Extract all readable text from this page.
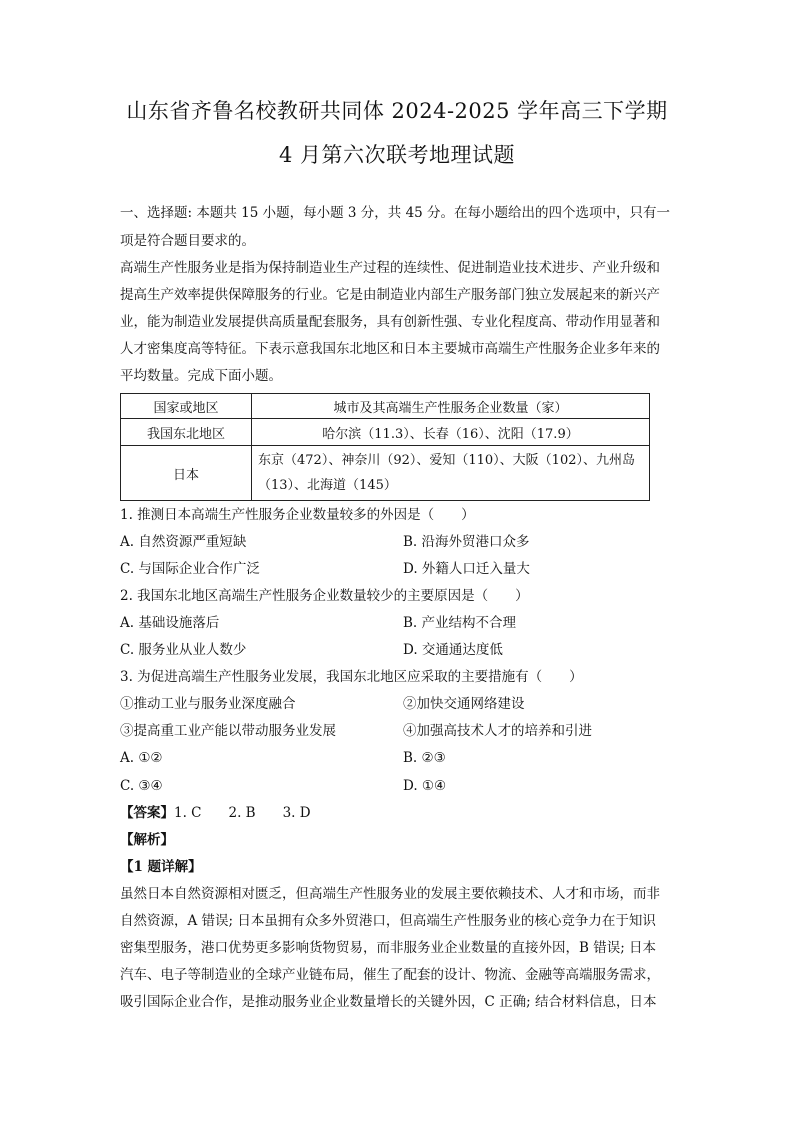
山东省齐鲁名校教研共同体 2024-2025 学年高三下学期
4 月第六次联考地理试题
一、选择题: 本题共 15 小题，每小题 3 分，共 45 分。在每小题给出的四个选项中，只有一
项是符合题目要求的。
高端生产性服务业是指为保持制造业生产过程的连续性、促进制造业技术进步、产业升级和
提高生产效率提供保障服务的行业。它是由制造业内部生产服务部门独立发展起来的新兴产
业，能为制造业发展提供高质量配套服务，具有创新性强、专业化程度高、带动作用显著和
人才密集度高等特征。下表示意我国东北地区和日本主要城市高端生产性服务企业多年来的
平均数量。完成下面小题。
国家或地区	城市及其高端生产性服务企业数量（家）
我国东北地区	哈尔滨（11.3）、长春（16）、沈阳（17.9）
日本	东京（472）、神奈川（92）、爱知（110）、大阪（102）、九州岛
（13）、北海道（145）
1. 推测日本高端生产性服务企业数量较多的外因是（　　）
A. 自然资源严重短缺	B. 沿海外贸港口众多
C. 与国际企业合作广泛	D. 外籍人口迁入量大
2. 我国东北地区高端生产性服务企业数量较少的主要原因是（　　）
A. 基础设施落后	B. 产业结构不合理
C. 服务业从业人数少	D. 交通通达度低
3. 为促进高端生产性服务业发展，我国东北地区应采取的主要措施有（　　）
①推动工业与服务业深度融合	②加快交通网络建设
③提高重工业产能以带动服务业发展	④加强高技术人才的培养和引进
A. ①②	B. ②③
C. ③④	D. ①④
【答案】1. C　　2. B　　3. D
【解析】
【1 题详解】
虽然日本自然资源相对匮乏，但高端生产性服务业的发展主要依赖技术、人才和市场，而非
自然资源，A 错误; 日本虽拥有众多外贸港口，但高端生产性服务业的核心竞争力在于知识
密集型服务，港口优势更多影响货物贸易，而非服务业企业数量的直接外因，B 错误; 日本
汽车、电子等制造业的全球产业链布局，催生了配套的设计、物流、金融等高端服务需求，
吸引国际企业合作，是推动服务业企业数量增长的关键外因，C 正确; 结合材料信息，日本
